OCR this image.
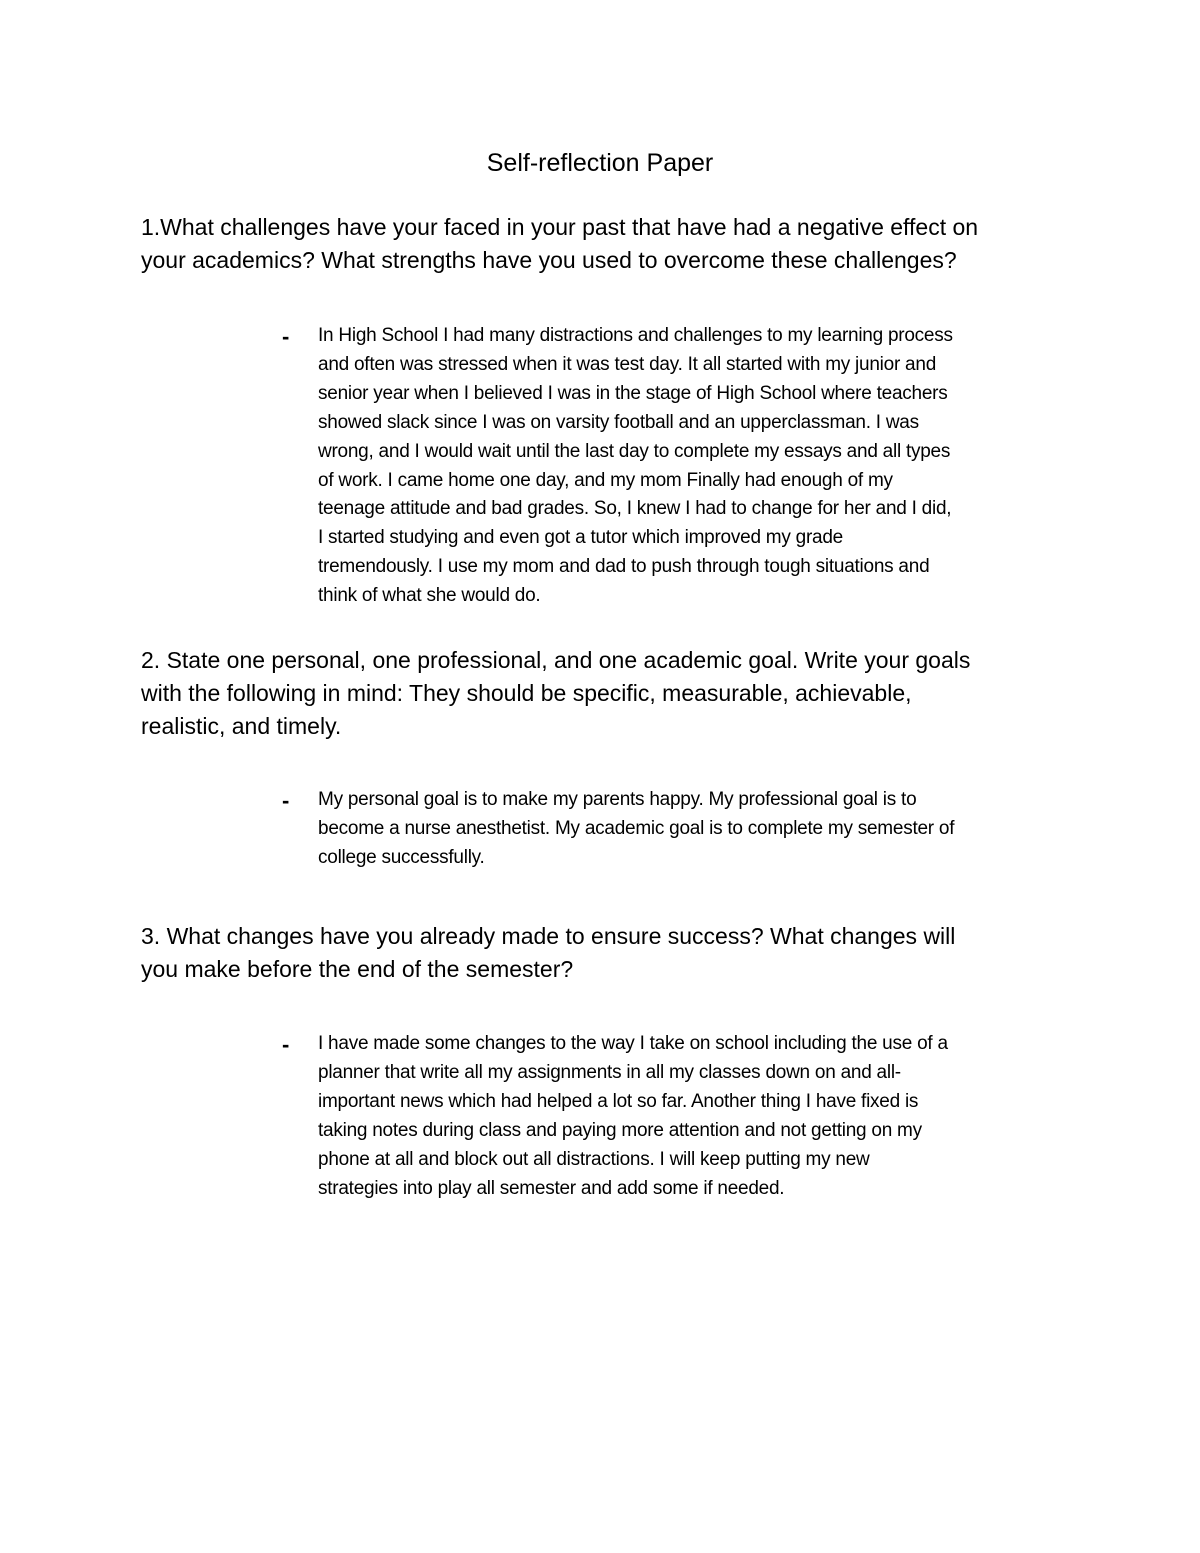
Self-reflection Paper

1.What challenges have your faced in your past that have had a negative effect on
your academics? What strengths have you used to overcome these challenges?

- In High School I had many distractions and challenges to my learning process
and often was stressed when it was test day. It all started with my junior and
senior year when I believed I was in the stage of High School where teachers
showed slack since I was on varsity football and an upperclassman. I was
wrong, and I would wait until the last day to complete my essays and all types
of work. I came home one day, and my mom Finally had enough of my
teenage attitude and bad grades. So, I knew I had to change for her and I did,
I started studying and even got a tutor which improved my grade
tremendously. I use my mom and dad to push through tough situations and
think of what she would do.

2. State one personal, one professional, and one academic goal. Write your goals
with the following in mind: They should be specific, measurable, achievable,
realistic, and timely.

- My personal goal is to make my parents happy. My professional goal is to
become a nurse anesthetist. My academic goal is to complete my semester of
college successfully.

3. What changes have you already made to ensure success? What changes will
you make before the end of the semester?

- I have made some changes to the way I take on school including the use of a
planner that write all my assignments in all my classes down on and all-
important news which had helped a lot so far. Another thing I have fixed is
taking notes during class and paying more attention and not getting on my
phone at all and block out all distractions. I will keep putting my new
strategies into play all semester and add some if needed.
